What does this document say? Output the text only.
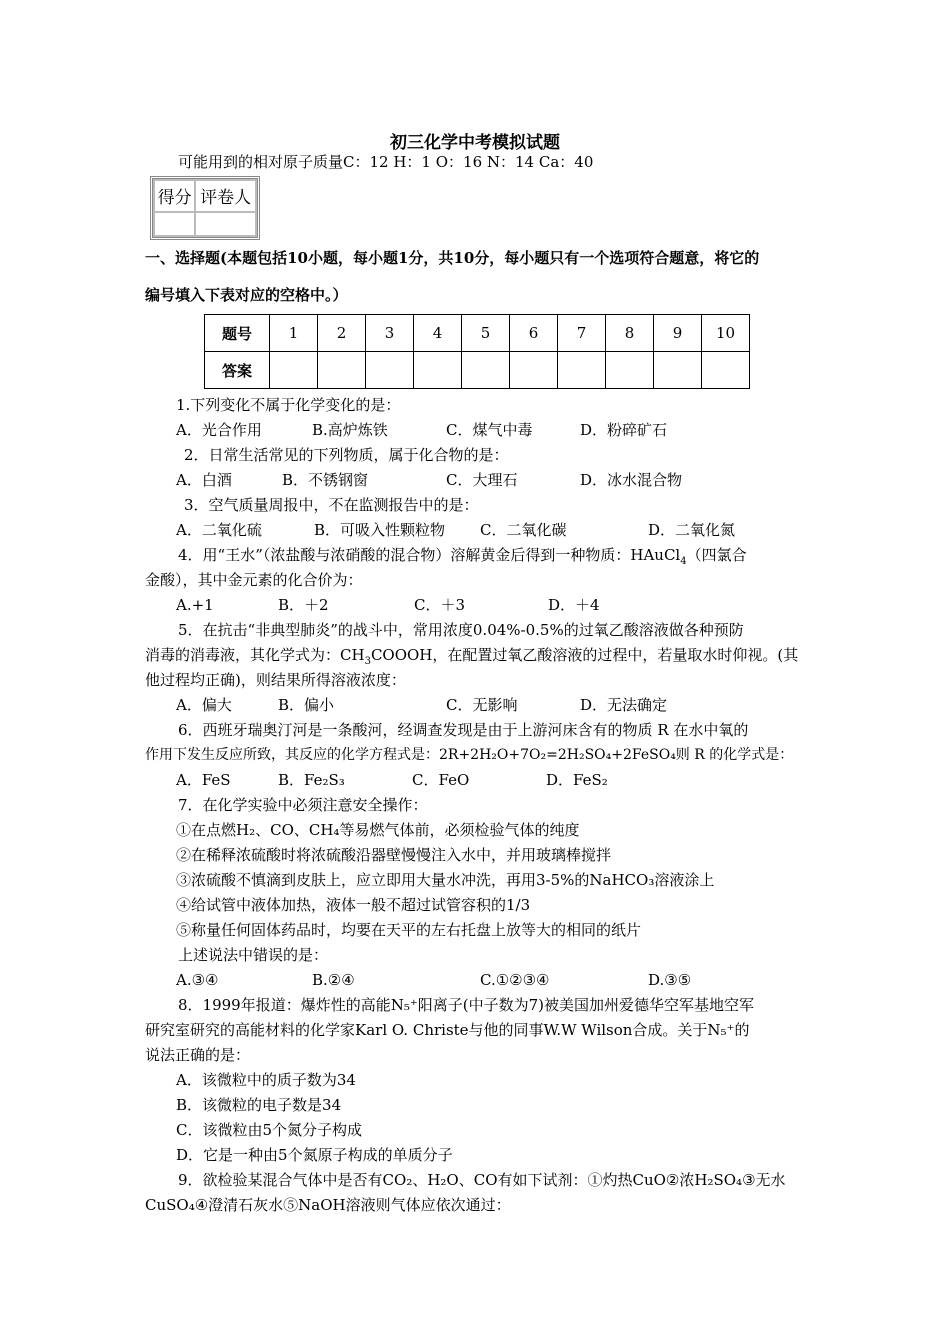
初三化学中考模拟试题
可能用到的相对原子质量C：12 H：1 O：16 N：14 Ca：40
得分	评卷人

一、选择题(本题包括10小题，每小题1分，共10分，每小题只有一个选项符合题意，将它的
编号填入下表对应的空格中。）
题号	1	2	3	4	5	6	7	8	9	10
答案										
1.下列变化不属于化学变化的是：
A．光合作用	B.高炉炼铁	C．煤气中毒	D．粉碎矿石
2．日常生活常见的下列物质，属于化合物的是：
A．白酒	B．不锈钢窗	C．大理石	D．冰水混合物
3．空气质量周报中，不在监测报告中的是：
A．二氧化硫	B．可吸入性颗粒物 C．二氧化碳	D．二氧化氮
4．用“王水”（浓盐酸与浓硝酸的混合物）溶解黄金后得到一种物质：HAuCl$_4$（四氯合
金酸），其中金元素的化合价为：
A.+1	B．＋2	C．＋3	D．＋4
5．在抗击“非典型肺炎”的战斗中，常用浓度0.04%-0.5%的过氧乙酸溶液做各种预防
消毒的消毒液，其化学式为：$CH_3COOOH$，在配置过氧乙酸溶液的过程中，若量取水时仰视。(其
他过程均正确)，则结果所得溶液浓度：
A．偏大	B．偏小	C．无影响	D．无法确定
6．西班牙瑞奥汀河是一条酸河，经调查发现是由于上游河床含有的物质 R 在水中氧的
作用下发生反应所致，其反应的化学方程式是：2R+2H₂O+7O₂=2H₂SO₄+2FeSO₄则 R 的化学式是：
A．FeS	B．Fe₂S₃	C．FeO	D．FeS₂
7．在化学实验中必须注意安全操作：
①在点燃H₂、CO、CH₄等易燃气体前，必须检验气体的纯度
②在稀释浓硫酸时将浓硫酸沿器壁慢慢注入水中，并用玻璃棒搅拌
③浓硫酸不慎滴到皮肤上，应立即用大量水冲洗，再用3-5%的NaHCO₃溶液涂上
④给试管中液体加热，液体一般不超过试管容积的1/3
⑤称量任何固体药品时，均要在天平的左右托盘上放等大的相同的纸片
上述说法中错误的是：
A.③④	B.②④	C.①②③④	D.③⑤
8．1999年报道：爆炸性的高能N₅⁺阳离子(中子数为7)被美国加州爱德华空军基地空军
研究室研究的高能材料的化学家Karl O. Christe与他的同事W.W Wilson合成。关于N₅⁺的
说法正确的是：
A．该微粒中的质子数为34
B．该微粒的电子数是34
C．该微粒由5个氮分子构成
D．它是一种由5个氮原子构成的单质分子
9．欲检验某混合气体中是否有CO₂、H₂O、CO有如下试剂：①灼热CuO②浓H₂SO₄③无水
CuSO₄④澄清石灰水⑤NaOH溶液则气体应依次通过：
